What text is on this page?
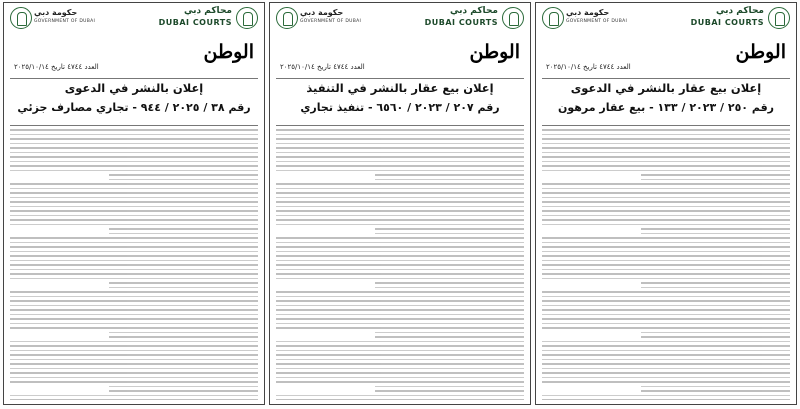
حكومة دبي
GOVERNMENT OF DUBAI
محاكم دبي
DUBAI COURTS
الوطن
العدد ٤٧٤٤ تاريخ ٢٠٢٥/١٠/١٤
إعلان بالنشر في الدعوى
رقم ٣٨ / ٢٠٢٥ / ٩٤٤ - تجاري مصارف جزئي
حكومة دبي
GOVERNMENT OF DUBAI
محاكم دبي
DUBAI COURTS
الوطن
العدد ٤٧٤٤ تاريخ ٢٠٢٥/١٠/١٤
إعلان بيع عقار بالنشر في التنفيذ
رقم ٢٠٧ / ٢٠٢٣ / ٦٥٦٠ - تنفيذ تجاري
حكومة دبي
GOVERNMENT OF DUBAI
محاكم دبي
DUBAI COURTS
الوطن
العدد ٤٧٤٤ تاريخ ٢٠٢٥/١٠/١٤
إعلان بيع عقار بالنشر في الدعوى
رقم ٢٥٠ / ٢٠٢٣ / ١٣٣ - بيع عقار مرهون
